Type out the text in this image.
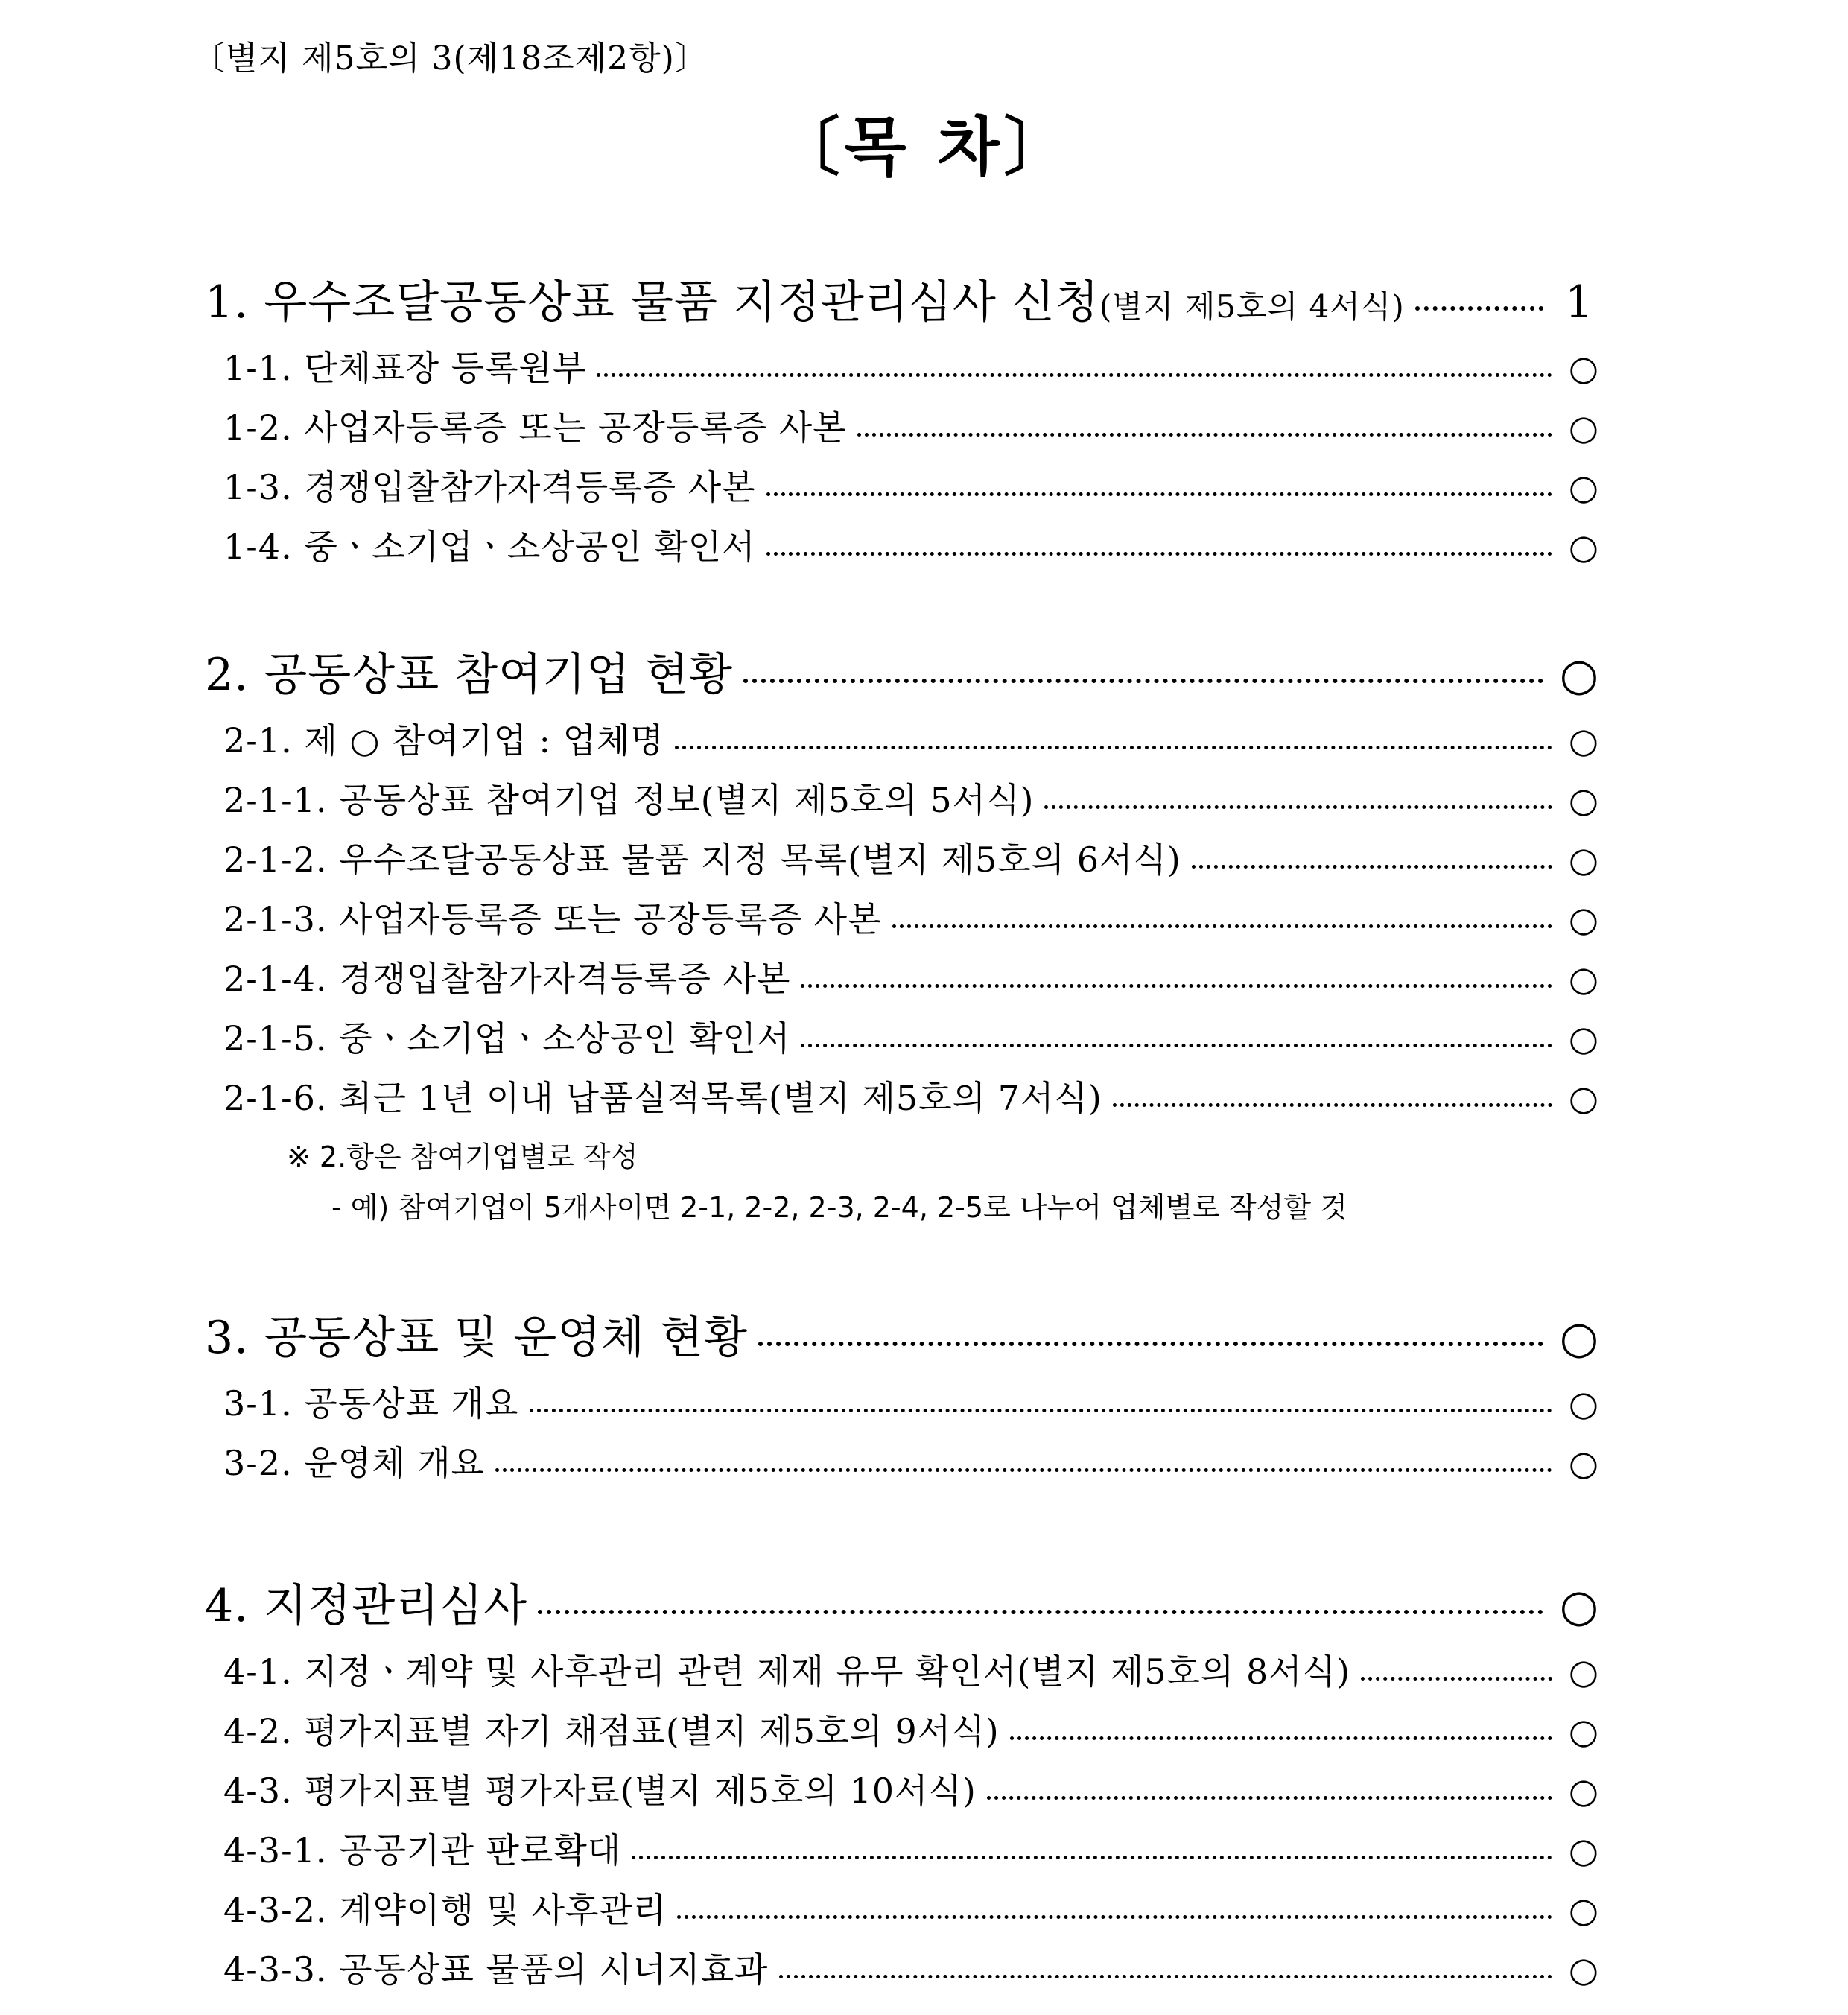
〔별지 제5호의 3(제18조제2항)〕
〔목 차〕
1. 우수조달공동상표 물품 지정관리심사 신청(별지 제5호의 4서식)	1
1-1. 단체표장 등록원부	○
1-2. 사업자등록증 또는 공장등록증 사본	○
1-3. 경쟁입찰참가자격등록증 사본	○
1-4. 중ㆍ소기업ㆍ소상공인 확인서	○
2. 공동상표 참여기업 현황	○
2-1. 제 ○ 참여기업 : 업체명	○
2-1-1. 공동상표 참여기업 정보(별지 제5호의 5서식)	○
2-1-2. 우수조달공동상표 물품 지정 목록(별지 제5호의 6서식)	○
2-1-3. 사업자등록증 또는 공장등록증 사본	○
2-1-4. 경쟁입찰참가자격등록증 사본	○
2-1-5. 중ㆍ소기업ㆍ소상공인 확인서	○
2-1-6. 최근 1년 이내 납품실적목록(별지 제5호의 7서식)	○
※ 2.항은 참여기업별로 작성
- 예) 참여기업이 5개사이면 2-1, 2-2, 2-3, 2-4, 2-5로 나누어 업체별로 작성할 것
3. 공동상표 및 운영체 현황	○
3-1. 공동상표 개요	○
3-2. 운영체 개요	○
4. 지정관리심사	○
4-1. 지정ㆍ계약 및 사후관리 관련 제재 유무 확인서(별지 제5호의 8서식)	○
4-2. 평가지표별 자기 채점표(별지 제5호의 9서식)	○
4-3. 평가지표별 평가자료(별지 제5호의 10서식)	○
4-3-1. 공공기관 판로확대	○
4-3-2. 계약이행 및 사후관리	○
4-3-3. 공동상표 물품의 시너지효과	○
